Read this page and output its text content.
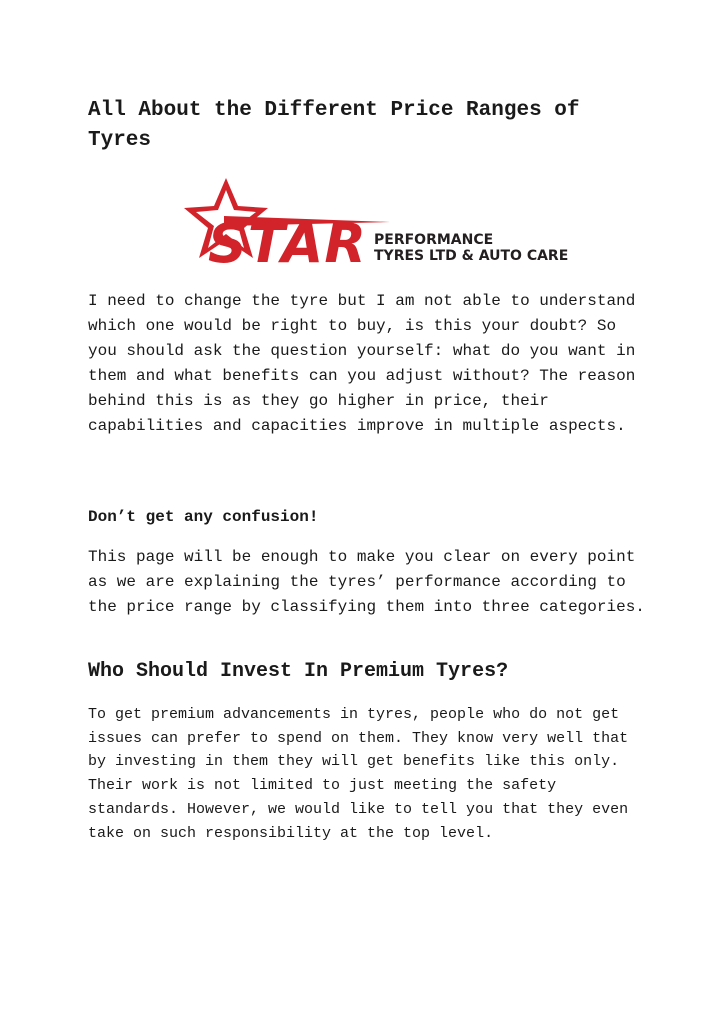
All About the Different Price Ranges of Tyres
STAR PERFORMANCE
TYRES LTD & AUTO CARE

I need to change the tyre but I am not able to understand which one would be right to buy, is this your doubt? So you should ask the question yourself: what do you want in them and what benefits can you adjust without? The reason behind this is as they go higher in price, their capabilities and capacities improve in multiple aspects.

Don’t get any confusion!

This page will be enough to make you clear on every point as we are explaining the tyres’ performance according to the price range by classifying them into three categories.

Who Should Invest In Premium Tyres?

To get premium advancements in tyres, people who do not get issues can prefer to spend on them. They know very well that by investing in them they will get benefits like this only. Their work is not limited to just meeting the safety standards. However, we would like to tell you that they even take on such responsibility at the top level.
